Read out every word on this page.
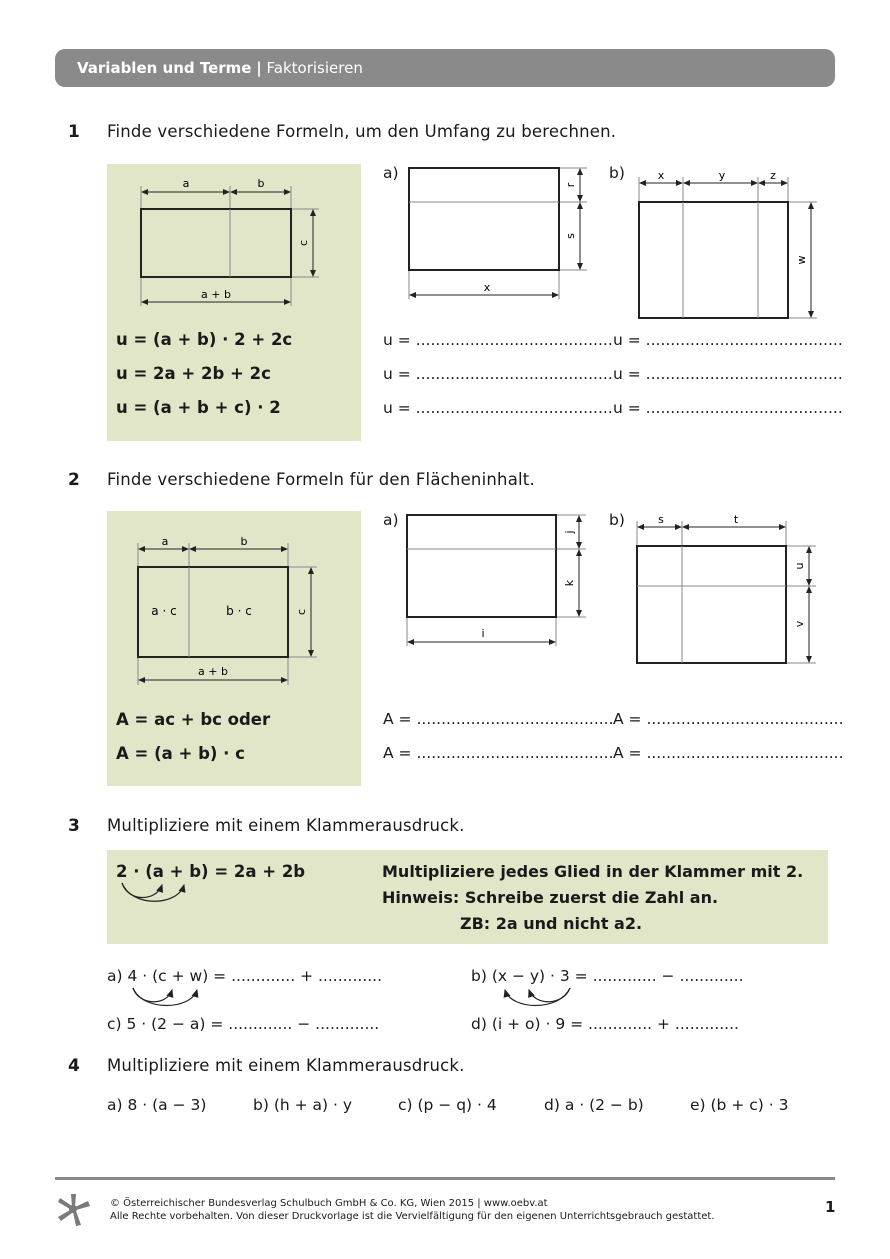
Variablen und Terme | Faktorisieren
1 Finde verschiedene Formeln, um den Umfang zu berechnen.
a	b
c
a + b
u = (a + b) · 2 + 2c
u = 2a + 2b + 2c
u = (a + b + c) · 2
a)
r
s
x
b)	x	y	z
w
u = ........................................ u = ........................................
u = ........................................ u = ........................................
u = ........................................ u = ........................................
2 Finde verschiedene Formeln für den Flächeninhalt.
a · c	b · c
a	b
c
a + b
A = ac + bc oder
A = (a + b) · c
a)
j
k
i
b)	s	t
u
v
A = ........................................ A = ........................................
A = ........................................ A = ........................................
3 Multipliziere mit einem Klammerausdruck.
2 · (a + b) = 2a + 2b	Multipliziere jedes Glied in der Klammer mit 2.
Hinweis: Schreibe zuerst die Zahl an.
ZB: 2a und nicht a2.
a) 4 · (c + w) = ............. + .............	b) (x − y) · 3 = ............. − .............
c) 5 · (2 − a) = ............. − .............	d) (i + o) · 9 = ............. + .............
4 Multipliziere mit einem Klammerausdruck.
a) 8 · (a − 3)	b) (h + a) · y	c) (p − q) · 4	d) a · (2 − b)	e) (b + c) · 3
© Österreichischer Bundesverlag Schulbuch GmbH & Co. KG, Wien 2015 | www.oebv.at
Alle Rechte vorbehalten. Von dieser Druckvorlage ist die Vervielfältigung für den eigenen Unterrichtsgebrauch gestattet.
1
